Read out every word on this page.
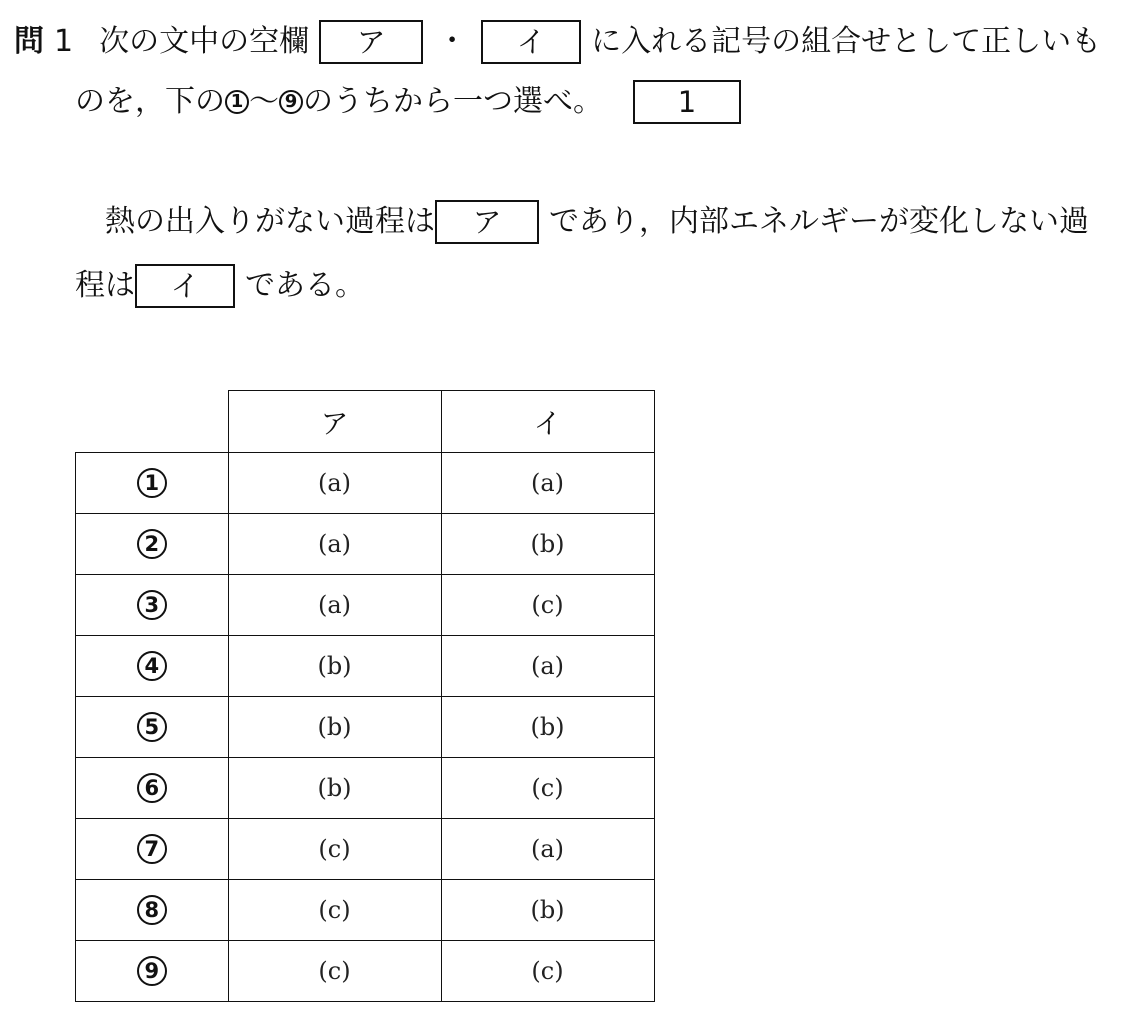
問 1 次の文中の空欄	ア	・	イ	に入れる記号の組合せとして正しいも
のを，下の 1 ～ 9 のうちから一つ選べ。	1
熱の出入りがない過程は	ア	であり，内部エネルギーが変化しない過
程は	イ	である。
	ア	イ
1	(a)	(a)
2	(a)	(b)
3	(a)	(c)
4	(b)	(a)
5	(b)	(b)
6	(b)	(c)
7	(c)	(a)
8	(c)	(b)
9	(c)	(c)
